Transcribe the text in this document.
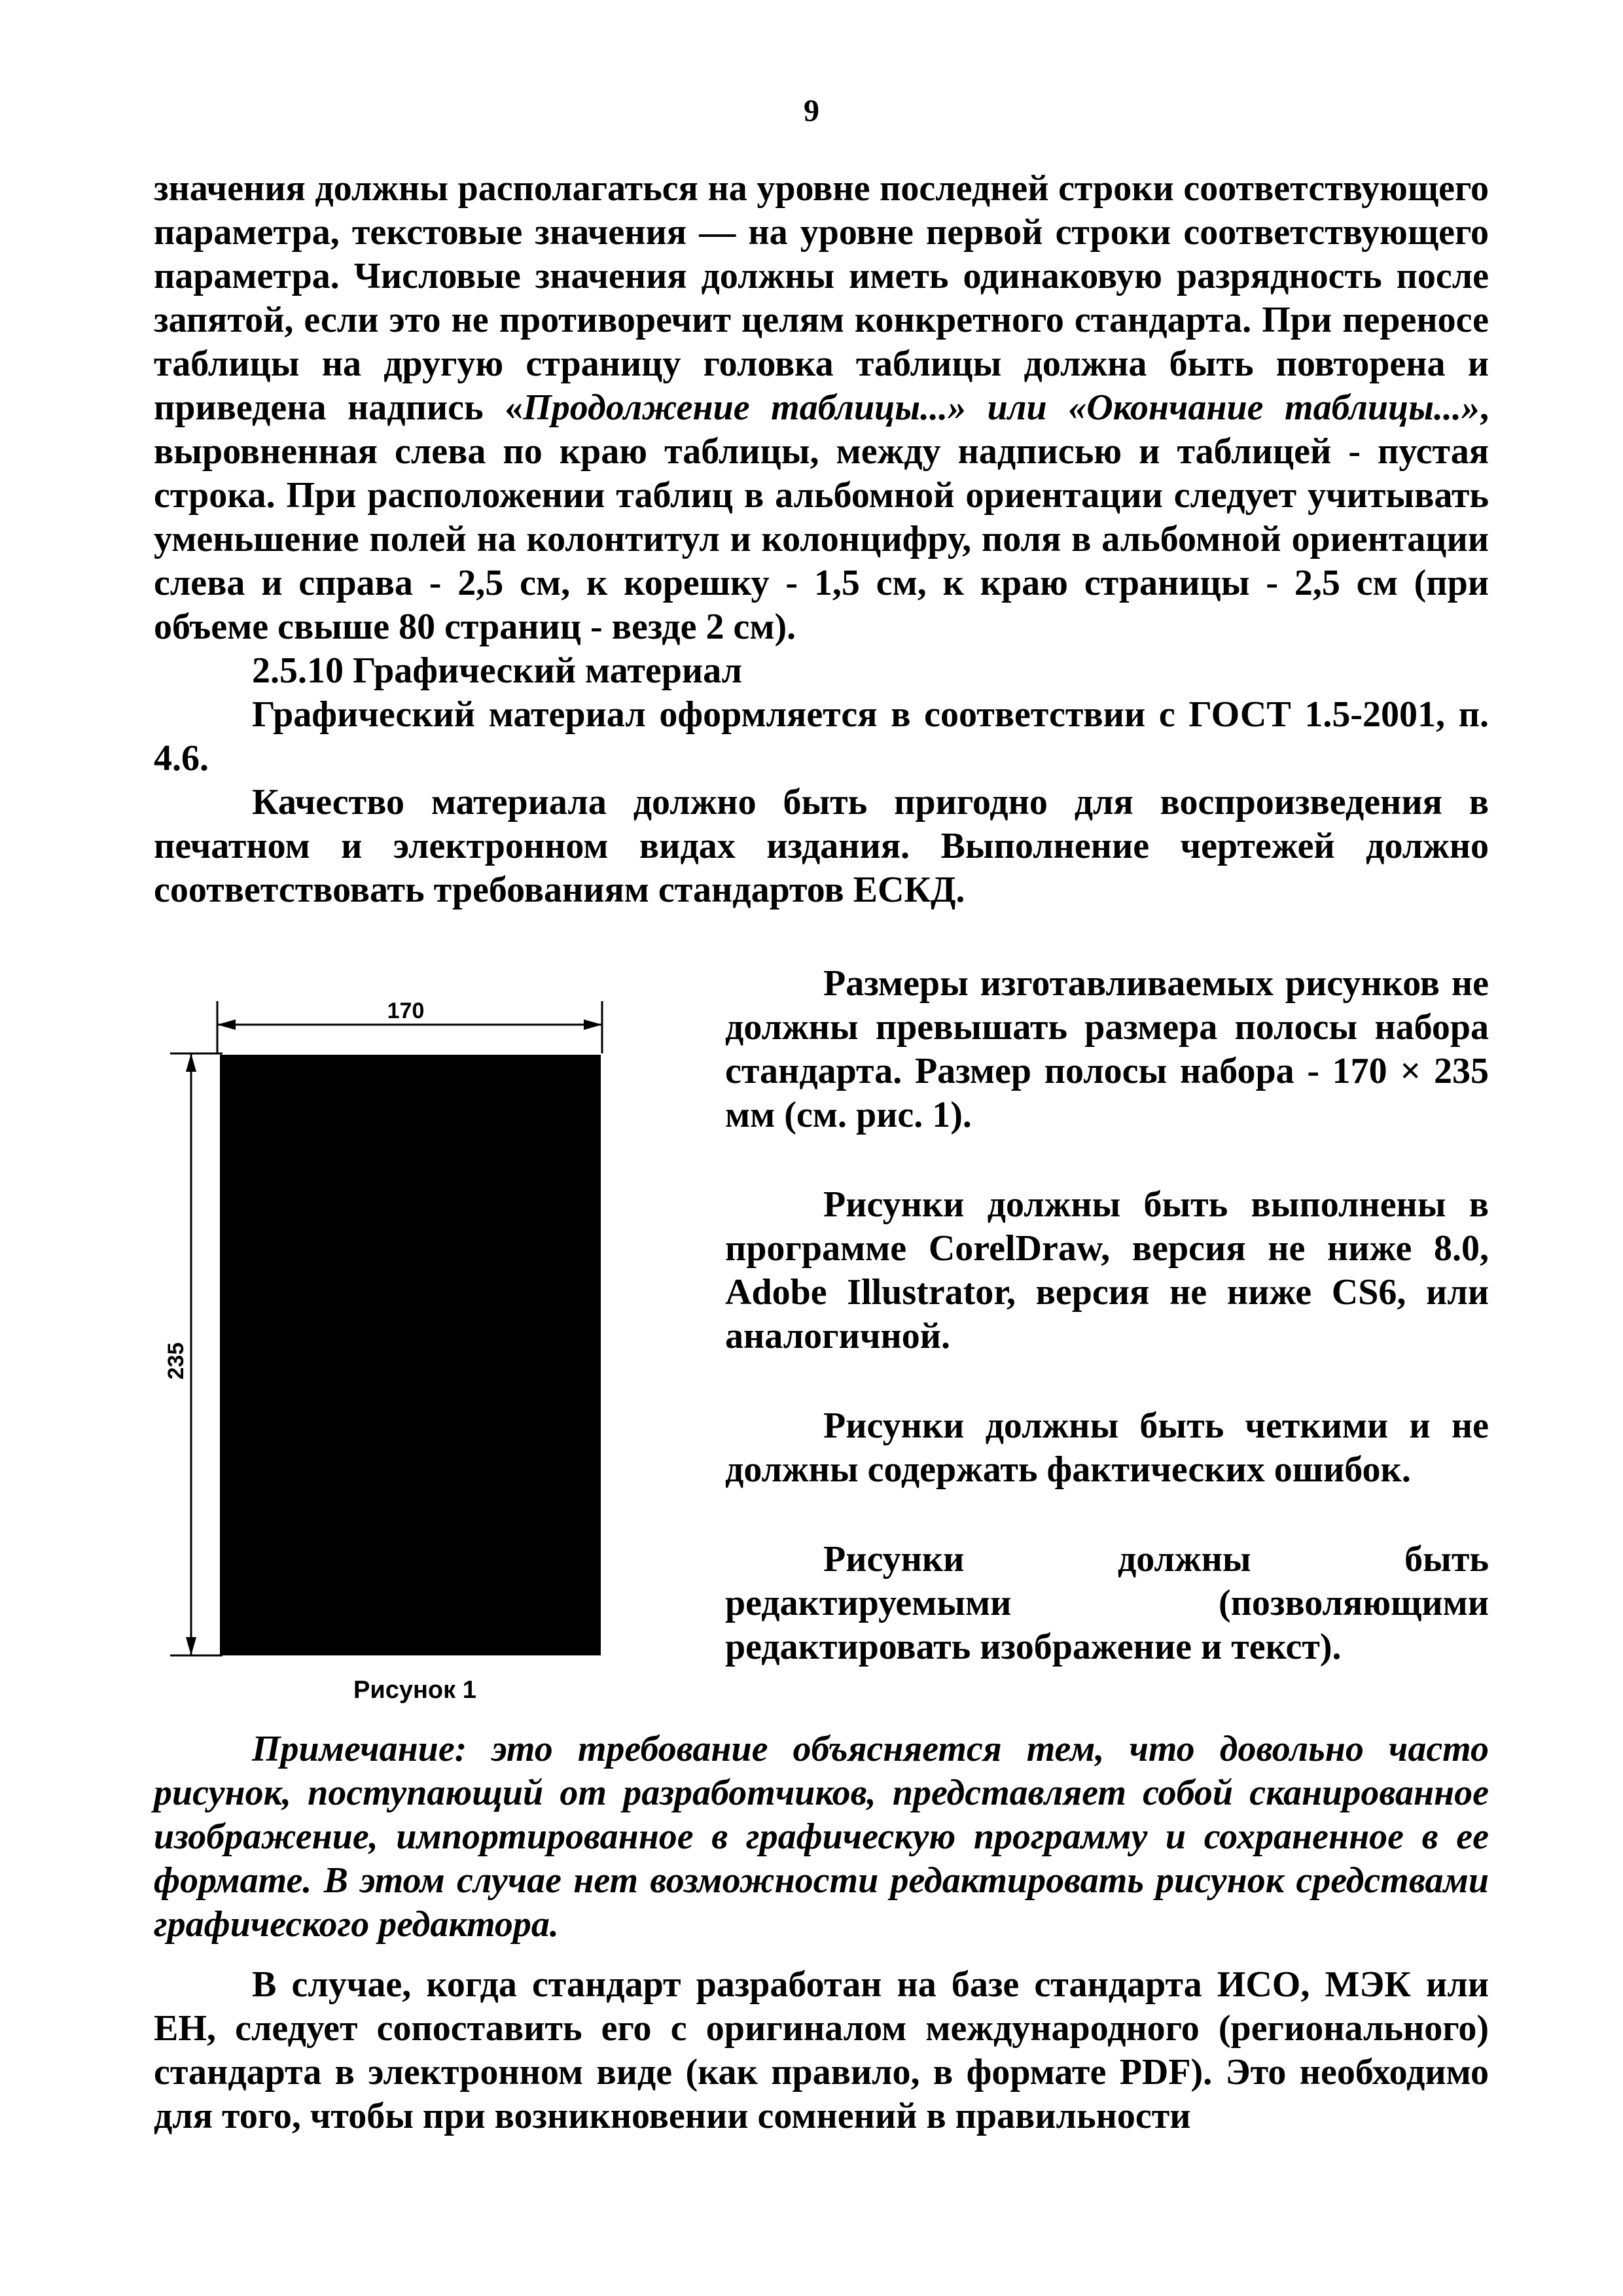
9

значения должны располагаться на уровне последней строки соответствующего параметра, текстовые значения — на уровне первой строки соответствующего параметра. Числовые значения должны иметь одинаковую разрядность после запятой, если это не противоречит целям конкретного стандарта. При переносе таблицы на другую страницу головка таблицы должна быть повторена и приведена надпись «Продолжение таблицы...» или «Окончание таблицы...», выровненная слева по краю таблицы, между надписью и таблицей - пустая строка. При расположении таблиц в альбомной ориентации следует учитывать уменьшение полей на колонтитул и колонцифру, поля в альбомной ориентации слева и справа - 2,5 см, к корешку - 1,5 см, к краю страницы - 2,5 см (при объеме свыше 80 страниц - везде 2 см).

2.5.10 Графический материал

Графический материал оформляется в соответствии с ГОСТ 1.5-2001, п. 4.6.

Качество материала должно быть пригодно для воспроизведения в печатном и электронном видах издания. Выполнение чертежей должно соответствовать требованиям стандартов ЕСКД.

170
235

Размеры изготавливаемых рисунков не должны превышать размера полосы набора стандарта. Размер полосы набора - 170 × 235 мм (см. рис. 1).

Рисунки должны быть выполнены в программе CorelDraw, версия не ниже 8.0, Adobe Illustrator, версия не ниже CS6, или аналогичной.

Рисунки должны быть четкими и не должны содержать фактических ошибок.

Рисунки должны быть редактируемыми (позволяющими редактировать изображение и текст).

Рисунок 1
Примечание: это требование объясняется тем, что довольно часто рисунок, поступающий от разработчиков, представляет собой сканированное изображение, импортированное в графическую программу и сохраненное в ее формате. В этом случае нет возможности редактировать рисунок средствами графического редактора.
В случае, когда стандарт разработан на базе стандарта ИСО, МЭК или ЕН, следует сопоставить его с оригиналом международного (регионального) стандарта в электронном виде (как правило, в формате PDF). Это необходимо для того, чтобы при возникновении сомнений в правильности
